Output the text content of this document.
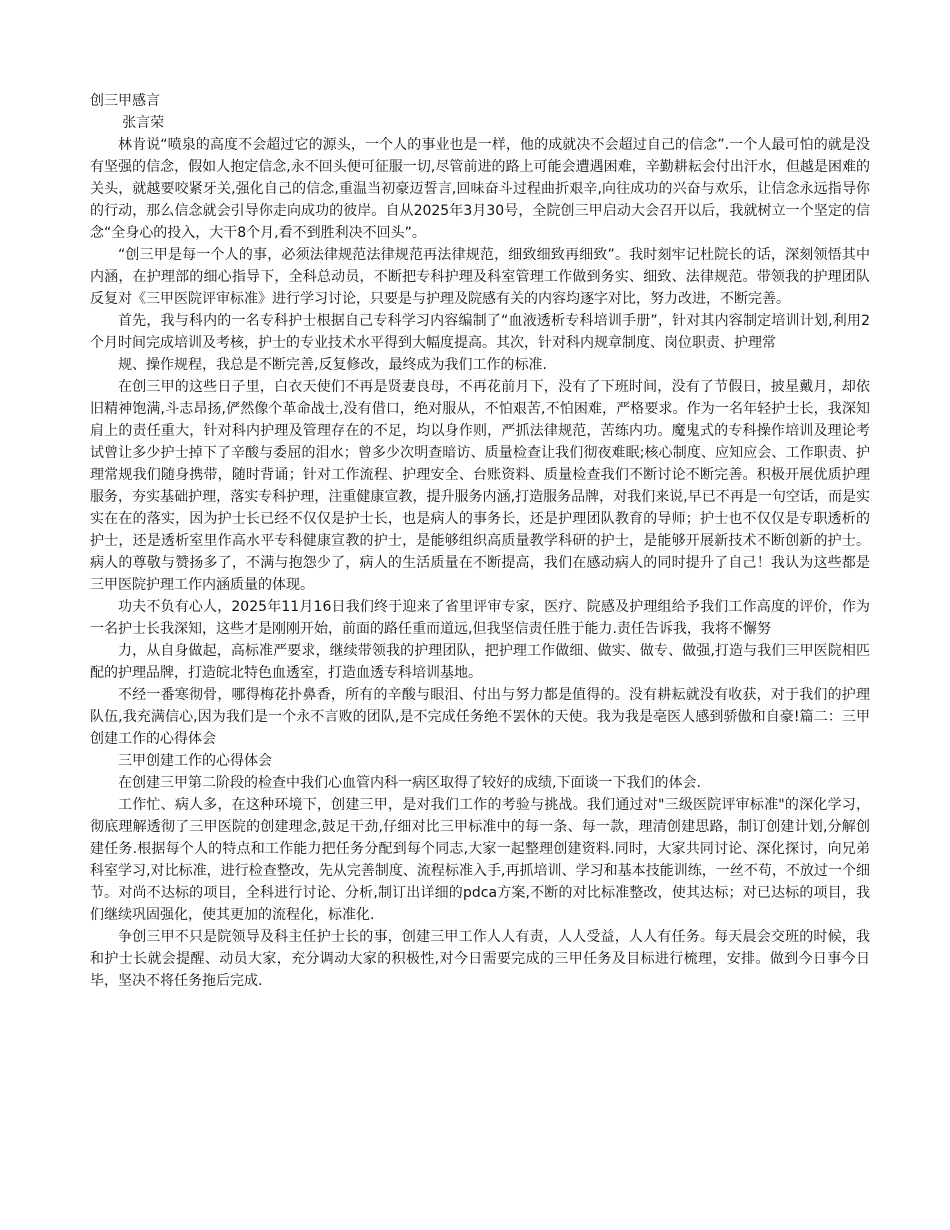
创三甲感言

张言荣

林肯说“喷泉的高度不会超过它的源头，一个人的事业也是一样，他的成就决不会超过自己的信念”.一个人最可怕的就是没有坚强的信念，假如人抱定信念,永不回头便可征服一切,尽管前进的路上可能会遭遇困难，辛勤耕耘会付出汗水，但越是困难的关头，就越要咬紧牙关,强化自己的信念,重温当初豪迈誓言,回味奋斗过程曲折艰辛,向往成功的兴奋与欢乐，让信念永远指导你的行动，那么信念就会引导你走向成功的彼岸。自从2025年3月30号，全院创三甲启动大会召开以后，我就树立一个坚定的信念“全身心的投入，大干8个月,看不到胜利决不回头”。

“创三甲是每一个人的事，必须法律规范法律规范再法律规范，细致细致再细致”。我时刻牢记杜院长的话，深刻领悟其中内涵，在护理部的细心指导下，全科总动员，不断把专科护理及科室管理工作做到务实、细致、法律规范。带领我的护理团队反复对《三甲医院评审标准》进行学习讨论，只要是与护理及院感有关的内容均逐字对比，努力改进，不断完善。

首先，我与科内的一名专科护士根据自己专科学习内容编制了“血液透析专科培训手册”，针对其内容制定培训计划,利用2个月时间完成培训及考核，护士的专业技术水平得到大幅度提高。其次，针对科内规章制度、岗位职责、护理常

规、操作规程，我总是不断完善,反复修改，最终成为我们工作的标准.

在创三甲的这些日子里，白衣天使们不再是贤妻良母，不再花前月下，没有了下班时间，没有了节假日，披星戴月，却依旧精神饱满,斗志昂扬,俨然像个革命战士,没有借口，绝对服从，不怕艰苦,不怕困难，严格要求。作为一名年轻护士长，我深知肩上的责任重大，针对科内护理及管理存在的不足，均以身作则，严抓法律规范，苦练内功。魔鬼式的专科操作培训及理论考试曾让多少护士掉下了辛酸与委屈的泪水；曾多少次明查暗访、质量检查让我们彻夜难眠;核心制度、应知应会、工作职责、护理常规我们随身携带，随时背诵；针对工作流程、护理安全、台账资料、质量检查我们不断讨论不断完善。积极开展优质护理服务，夯实基础护理，落实专科护理，注重健康宣教，提升服务内涵,打造服务品牌，对我们来说,早已不再是一句空话，而是实实在在的落实，因为护士长已经不仅仅是护士长，也是病人的事务长，还是护理团队教育的导师；护士也不仅仅是专职透析的护士，还是透析室里作高水平专科健康宣教的护士，是能够组织高质量教学科研的护士，是能够开展新技术不断创新的护士。病人的尊敬与赞扬多了，不满与抱怨少了，病人的生活质量在不断提高，我们在感动病人的同时提升了自己！我认为这些都是三甲医院护理工作内涵质量的体现。

功夫不负有心人，2025年11月16日我们终于迎来了省里评审专家，医疗、院感及护理组给予我们工作高度的评价，作为一名护士长我深知，这些才是刚刚开始，前面的路任重而道远,但我坚信责任胜于能力.责任告诉我，我将不懈努

力，从自身做起，高标准严要求，继续带领我的护理团队，把护理工作做细、做实、做专、做强,打造与我们三甲医院相匹配的护理品牌，打造皖北特色血透室，打造血透专科培训基地。

不经一番寒彻骨，哪得梅花扑鼻香，所有的辛酸与眼泪、付出与努力都是值得的。没有耕耘就没有收获，对于我们的护理队伍,我充满信心,因为我们是一个永不言败的团队,是不完成任务绝不罢休的天使。我为我是亳医人感到骄傲和自豪!篇二：三甲创建工作的心得体会

三甲创建工作的心得体会

在创建三甲第二阶段的检查中我们心血管内科一病区取得了较好的成绩,下面谈一下我们的体会.

工作忙、病人多，在这种环境下，创建三甲，是对我们工作的考验与挑战。我们通过对"三级医院评审标准"的深化学习，彻底理解透彻了三甲医院的创建理念,鼓足干劲,仔细对比三甲标准中的每一条、每一款，理清创建思路，制订创建计划,分解创建任务.根据每个人的特点和工作能力把任务分配到每个同志,大家一起整理创建资料.同时，大家共同讨论、深化探讨，向兄弟科室学习,对比标准，进行检查整改，先从完善制度、流程标准入手,再抓培训、学习和基本技能训练，一丝不苟，不放过一个细节。对尚不达标的项目，全科进行讨论、分析,制订出详细的pdca方案,不断的对比标准整改，使其达标；对已达标的项目，我们继续巩固强化，使其更加的流程化，标准化.

争创三甲不只是院领导及科主任护士长的事，创建三甲工作人人有责，人人受益，人人有任务。每天晨会交班的时候，我和护士长就会提醒、动员大家，充分调动大家的积极性,对今日需要完成的三甲任务及目标进行梳理，安排。做到今日事今日毕，坚决不将任务拖后完成.
